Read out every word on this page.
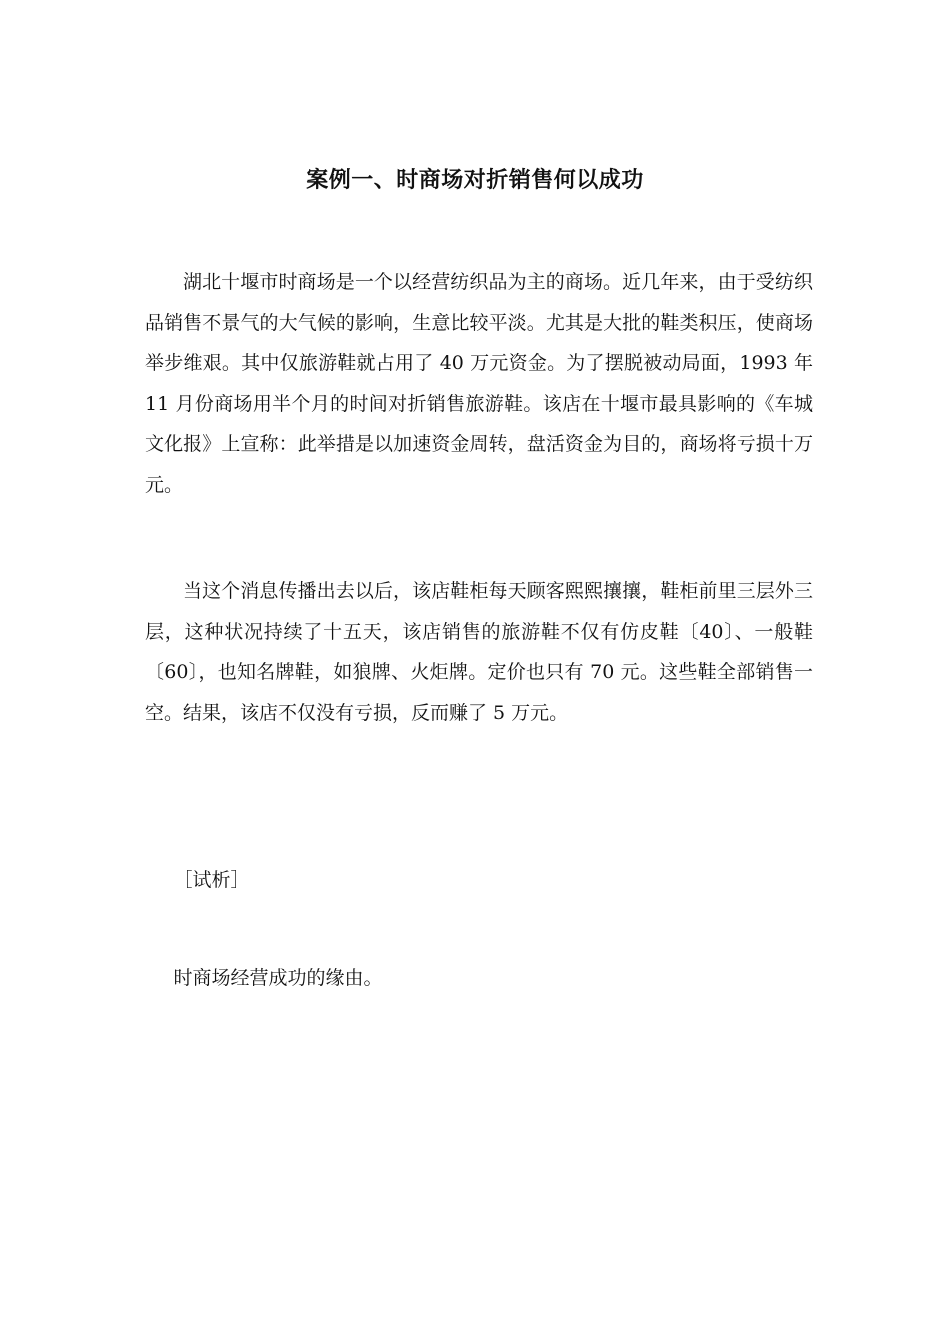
案例一、时商场对折销售何以成功

湖北十堰市时商场是一个以经营纺织品为主的商场。近几年来，由于受纺织品销售不景气的大气候的影响，生意比较平淡。尤其是大批的鞋类积压，使商场举步维艰。其中仅旅游鞋就占用了 40 万元资金。为了摆脱被动局面，1993 年 11 月份商场用半个月的时间对折销售旅游鞋。该店在十堰市最具影响的《车城文化报》上宣称：此举措是以加速资金周转，盘活资金为目的，商场将亏损十万元。

当这个消息传播出去以后，该店鞋柜每天顾客熙熙攘攘，鞋柜前里三层外三层，这种状况持续了十五天，该店销售的旅游鞋不仅有仿皮鞋〔40〕、一般鞋〔60〕，也知名牌鞋，如狼牌、火炬牌。定价也只有 70 元。这些鞋全部销售一空。结果，该店不仅没有亏损，反而赚了 5 万元。

［试析］

时商场经营成功的缘由。
